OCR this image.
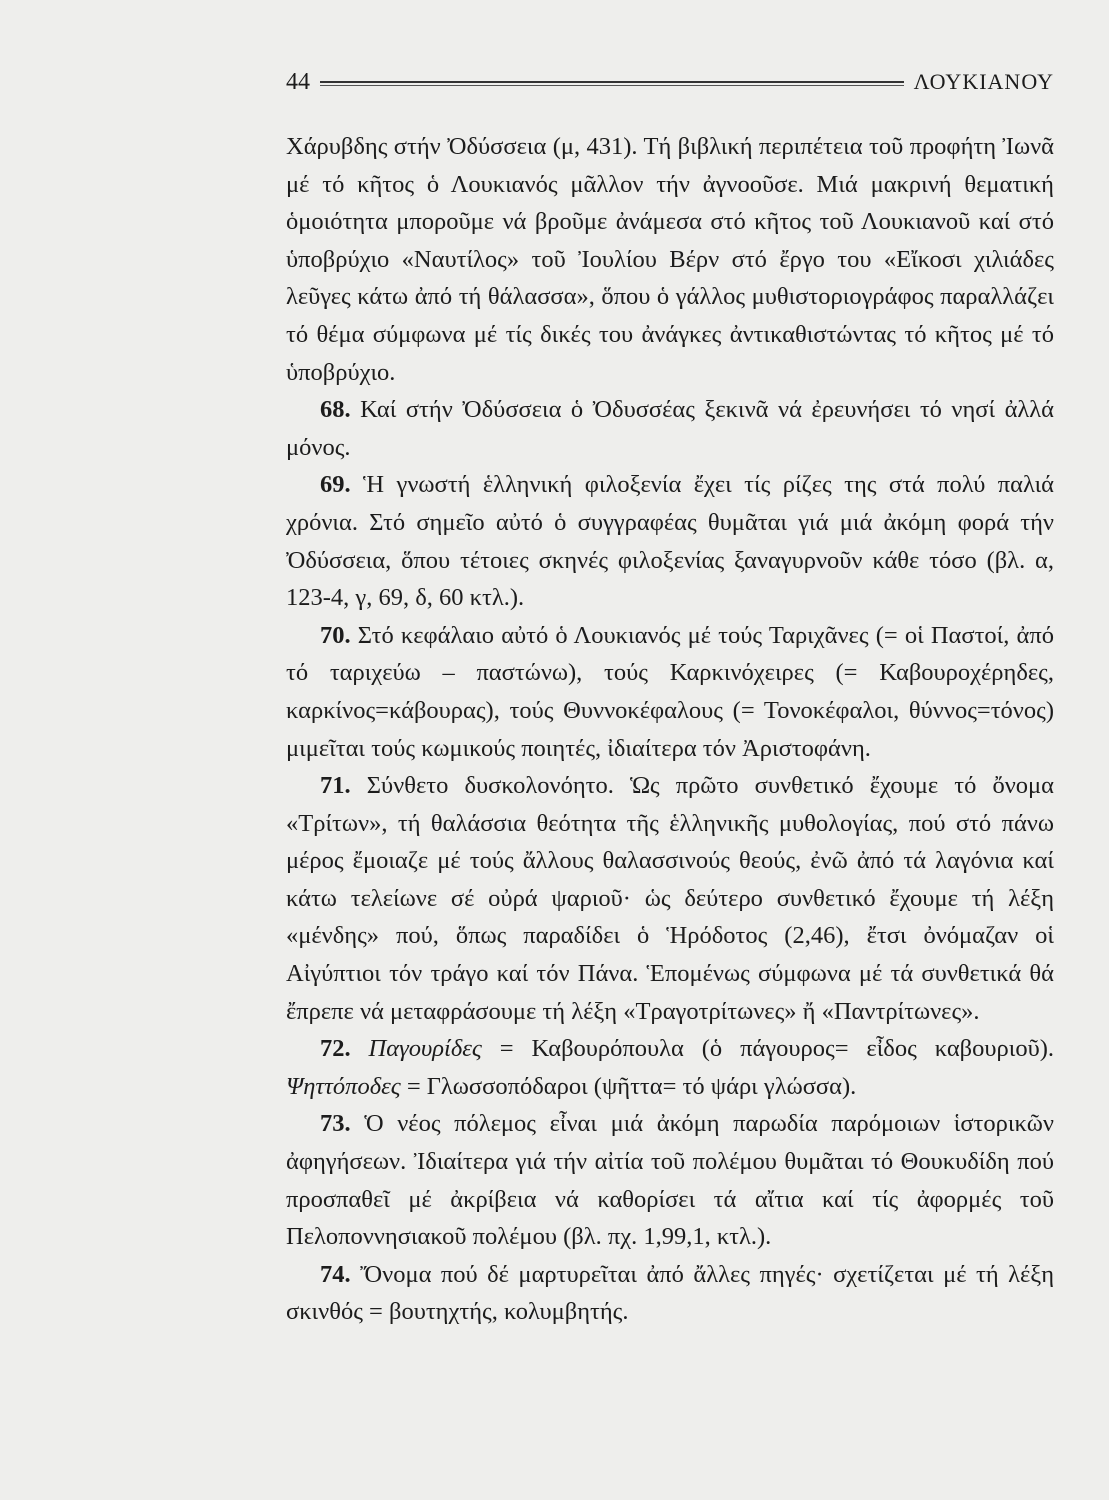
44	ΛΟΥΚΙΑΝΟΥ

Χάρυβδης στήν Ὀδύσσεια (μ, 431). Τή βιβλική περιπέτεια τοῦ προφήτη Ἰωνᾶ μέ τό κῆτος ὁ Λουκιανός μᾶλλον τήν ἀγνοοῦσε. Μιά μακρινή θεματική ὁμοιότητα μποροῦμε νά βροῦμε ἀνάμεσα στό κῆτος τοῦ Λουκιανοῦ καί στό ὑποβρύχιο «Ναυτίλος» τοῦ Ἰουλίου Βέρν στό ἔργο του «Εἴκοσι χιλιάδες λεῦγες κάτω ἀπό τή θάλασσα», ὅπου ὁ γάλλος μυθιστοριογράφος παραλλάζει τό θέμα σύμφωνα μέ τίς δικές του ἀνάγκες ἀντικαθιστώντας τό κῆτος μέ τό ὑποβρύχιο.

68. Καί στήν Ὀδύσσεια ὁ Ὀδυσσέας ξεκινᾶ νά ἐρευνήσει τό νησί ἀλλά μόνος.

69. Ἡ γνωστή ἑλληνική φιλοξενία ἔχει τίς ρίζες της στά πολύ παλιά χρόνια. Στό σημεῖο αὐτό ὁ συγγραφέας θυμᾶται γιά μιά ἀκόμη φορά τήν Ὀδύσσεια, ὅπου τέτοιες σκηνές φιλοξενίας ξαναγυρνοῦν κάθε τόσο (βλ. α, 123-4, γ, 69, δ, 60 κτλ.).

70. Στό κεφάλαιο αὐτό ὁ Λουκιανός μέ τούς Ταριχᾶνες (= οἱ Παστοί, ἀπό τό ταριχεύω – παστώνω), τούς Καρκινόχειρες (= Καβουροχέρηδες, καρκίνος=κάβουρας), τούς Θυννοκέφαλους (= Τονοκέφαλοι, θύννος=τόνος) μιμεῖται τούς κωμικούς ποιητές, ἰδιαίτερα τόν Ἀριστοφάνη.

71. Σύνθετο δυσκολονόητο. Ὡς πρῶτο συνθετικό ἔχουμε τό ὄνομα «Τρίτων», τή θαλάσσια θεότητα τῆς ἑλληνικῆς μυθολογίας, πού στό πάνω μέρος ἔμοιαζε μέ τούς ἄλλους θαλασσινούς θεούς, ἐνῶ ἀπό τά λαγόνια καί κάτω τελείωνε σέ οὐρά ψαριοῦ· ὡς δεύτερο συνθετικό ἔχουμε τή λέξη «μένδης» πού, ὅπως παραδίδει ὁ Ἡρόδοτος (2,46), ἔτσι ὀνόμαζαν οἱ Αἰγύπτιοι τόν τράγο καί τόν Πάνα. Ἑπομένως σύμφωνα μέ τά συνθετικά θά ἔπρεπε νά μεταφράσουμε τή λέξη «Τραγοτρίτωνες» ἤ «Παντρίτωνες».

72. Παγουρίδες = Καβουρόπουλα (ὁ πάγουρος= εἶδος καβουριοῦ). Ψηττόποδες = Γλωσσοπόδαροι (ψῆττα= τό ψάρι γλώσσα).

73. Ὁ νέος πόλεμος εἶναι μιά ἀκόμη παρωδία παρόμοιων ἱστορικῶν ἀφηγήσεων. Ἰδιαίτερα γιά τήν αἰτία τοῦ πολέμου θυμᾶται τό Θουκυδίδη πού προσπαθεῖ μέ ἀκρίβεια νά καθορίσει τά αἴτια καί τίς ἀφορμές τοῦ Πελοποννησιακοῦ πολέμου (βλ. πχ. 1,99,1, κτλ.).

74. Ὄνομα πού δέ μαρτυρεῖται ἀπό ἄλλες πηγές· σχετίζεται μέ τή λέξη σκινθός = βουτηχτής, κολυμβητής.
